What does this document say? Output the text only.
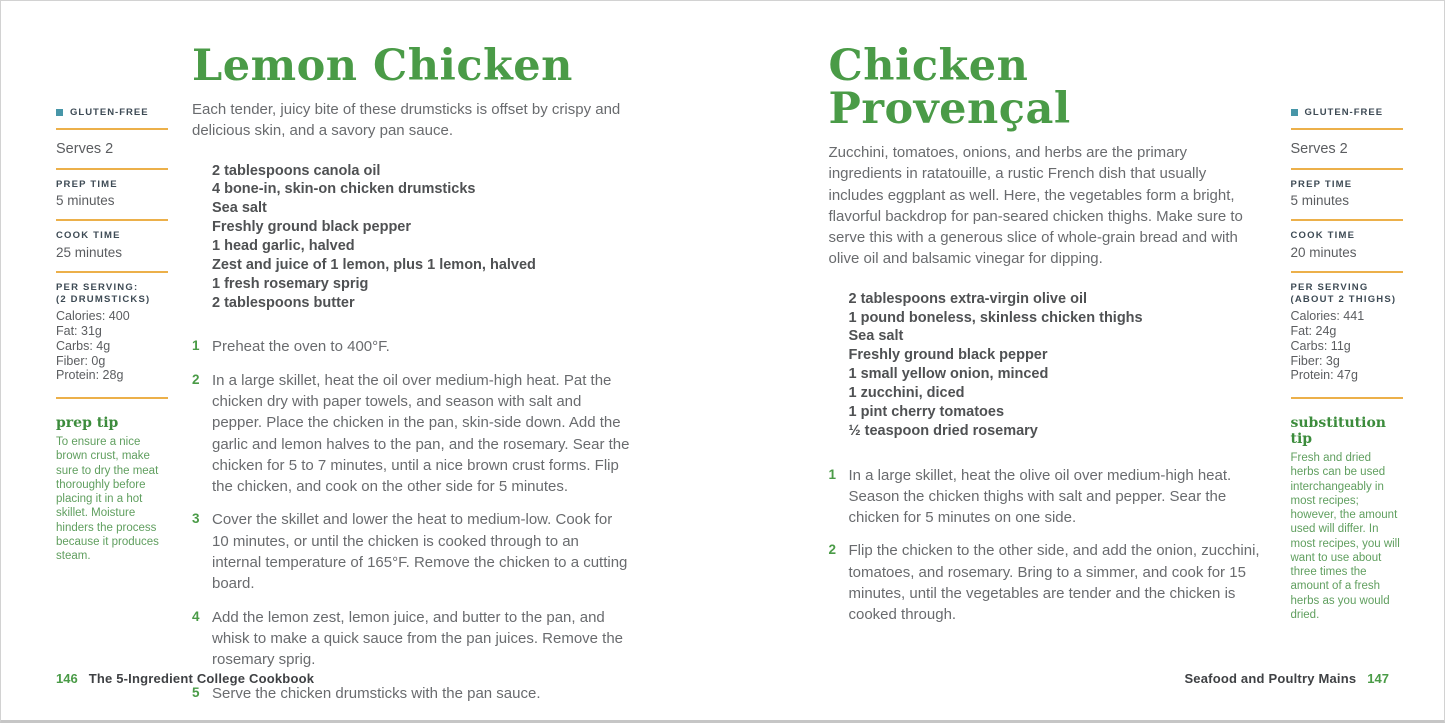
GLUTEN-FREE
Serves 2
PREP TIME
5 minutes
COOK TIME
25 minutes
PER SERVING:
(2 DRUMSTICKS)
Calories: 400
Fat: 31g
Carbs: 4g
Fiber: 0g
Protein: 28g
prep tip
To ensure a nice brown crust, make sure to dry the meat thoroughly before placing it in a hot skillet. Moisture hinders the process because it produces steam.
Lemon Chicken

Each tender, juicy bite of these drumsticks is offset by crispy and delicious skin, and a savory pan sauce.

2 tablespoons canola oil
4 bone-in, skin-on chicken drumsticks
Sea salt
Freshly ground black pepper
1 head garlic, halved
Zest and juice of 1 lemon, plus 1 lemon, halved
1 fresh rosemary sprig
2 tablespoons butter
1 Preheat the oven to 400°F.
2 In a large skillet, heat the oil over medium-high heat. Pat the chicken dry with paper towels, and season with salt and pepper. Place the chicken in the pan, skin-side down. Add the garlic and lemon halves to the pan, and the rosemary. Sear the chicken for 5 to 7 minutes, until a nice brown crust forms. Flip the chicken, and cook on the other side for 5 minutes.
3 Cover the skillet and lower the heat to medium-low. Cook for 10 minutes, or until the chicken is cooked through to an internal temperature of 165°F. Remove the chicken to a cutting board.
4 Add the lemon zest, lemon juice, and butter to the pan, and whisk to make a quick sauce from the pan juices. Remove the rosemary sprig.
5 Serve the chicken drumsticks with the pan sauce.
Chicken Provençal

Zucchini, tomatoes, onions, and herbs are the primary ingredients in ratatouille, a rustic French dish that usually includes eggplant as well. Here, the vegetables form a bright, flavorful backdrop for pan-seared chicken thighs. Make sure to serve this with a generous slice of whole-grain bread and with olive oil and balsamic vinegar for dipping.

2 tablespoons extra-virgin olive oil
1 pound boneless, skinless chicken thighs
Sea salt
Freshly ground black pepper
1 small yellow onion, minced
1 zucchini, diced
1 pint cherry tomatoes
½ teaspoon dried rosemary
1 In a large skillet, heat the olive oil over medium-high heat. Season the chicken thighs with salt and pepper. Sear the chicken for 5 minutes on one side.
2 Flip the chicken to the other side, and add the onion, zucchini, tomatoes, and rosemary. Bring to a simmer, and cook for 15 minutes, until the vegetables are tender and the chicken is cooked through.
GLUTEN-FREE
Serves 2
PREP TIME
5 minutes
COOK TIME
20 minutes
PER SERVING
(ABOUT 2 THIGHS)
Calories: 441
Fat: 24g
Carbs: 11g
Fiber: 3g
Protein: 47g
substitution tip
Fresh and dried herbs can be used interchangeably in most recipes; however, the amount used will differ. In most recipes, you will want to use about three times the amount of a fresh herbs as you would dried.
146 The 5-Ingredient College Cookbook	Seafood and Poultry Mains 147
